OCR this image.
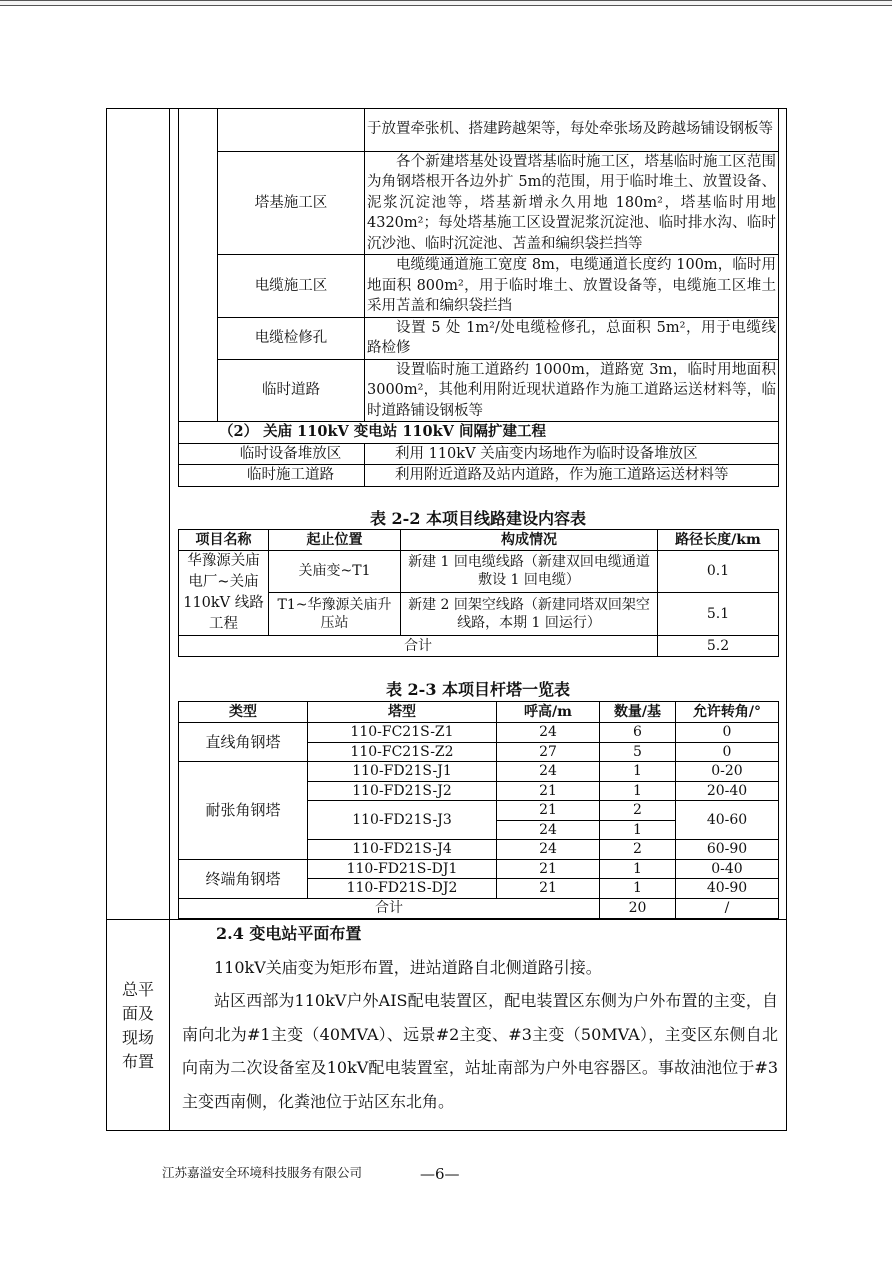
		于放置牵张机、搭建跨越架等，每处牵张场及跨越场铺设钢板等
	塔基施工区	各个新建塔基处设置塔基临时施工区，塔基临时施工区范围为角钢塔根开各边外扩 5m的范围，用于临时堆土、放置设备、泥浆沉淀池等，塔基新增永久用地 180m²，塔基临时用地4320m²；每处塔基施工区设置泥浆沉淀池、临时排水沟、临时沉沙池、临时沉淀池、苫盖和编织袋拦挡等
	电缆施工区	电缆缆通道施工宽度 8m，电缆通道长度约 100m，临时用地面积 800m²，用于临时堆土、放置设备等，电缆施工区堆土采用苫盖和编织袋拦挡
	电缆检修孔	设置 5 处 1m²/处电缆检修孔，总面积 5m²，用于电缆线路检修
	临时道路	设置临时施工道路约 1000m，道路宽 3m，临时用地面积3000m²，其他利用附近现状道路作为施工道路运送材料等，临时道路铺设钢板等
（2） 关庙 110kV 变电站 110kV 间隔扩建工程		
临时设备堆放区		利用 110kV 关庙变内场地作为临时设备堆放区
临时施工道路		利用附近道路及站内道路，作为施工道路运送材料等
表 2-2 本项目线路建设内容表
项目名称	起止位置	构成情况	路径长度/km
华豫源关庙电厂~关庙 110kV 线路工程	关庙变~T1	新建 1 回电缆线路（新建双回电缆通道敷设 1 回电缆）	0.1
	T1~华豫源关庙升压站	新建 2 回架空线路（新建同塔双回架空线路，本期 1 回运行）	5.1
合计			5.2
表 2-3 本项目杆塔一览表
类型	塔型	呼高/m	数量/基	允许转角/°
直线角钢塔	110-FC21S-Z1	24	6	0
	110-FC21S-Z2	27	5	0
耐张角钢塔	110-FD21S-J1	24	1	0-20
	110-FD21S-J2	21	1	20-40
	110-FD21S-J3	21	2	40-60
		24	1	
	110-FD21S-J4	24	2	60-90
终端角钢塔	110-FD21S-DJ1	21	1	0-40
	110-FD21S-DJ2	21	1	40-90
合计			20	/
总平
面及
现场
布置
2.4 变电站平面布置
110kV关庙变为矩形布置，进站道路自北侧道路引接。
站区西部为110kV户外AIS配电装置区，配电装置区东侧为户外布置的主变，自南向北为#1主变（40MVA）、远景#2主变、#3主变（50MVA），主变区东侧自北向南为二次设备室及10kV配电装置室，站址南部为户外电容器区。事故油池位于#3主变西南侧，化粪池位于站区东北角。
江苏嘉溢安全环境科技服务有限公司	—6—
